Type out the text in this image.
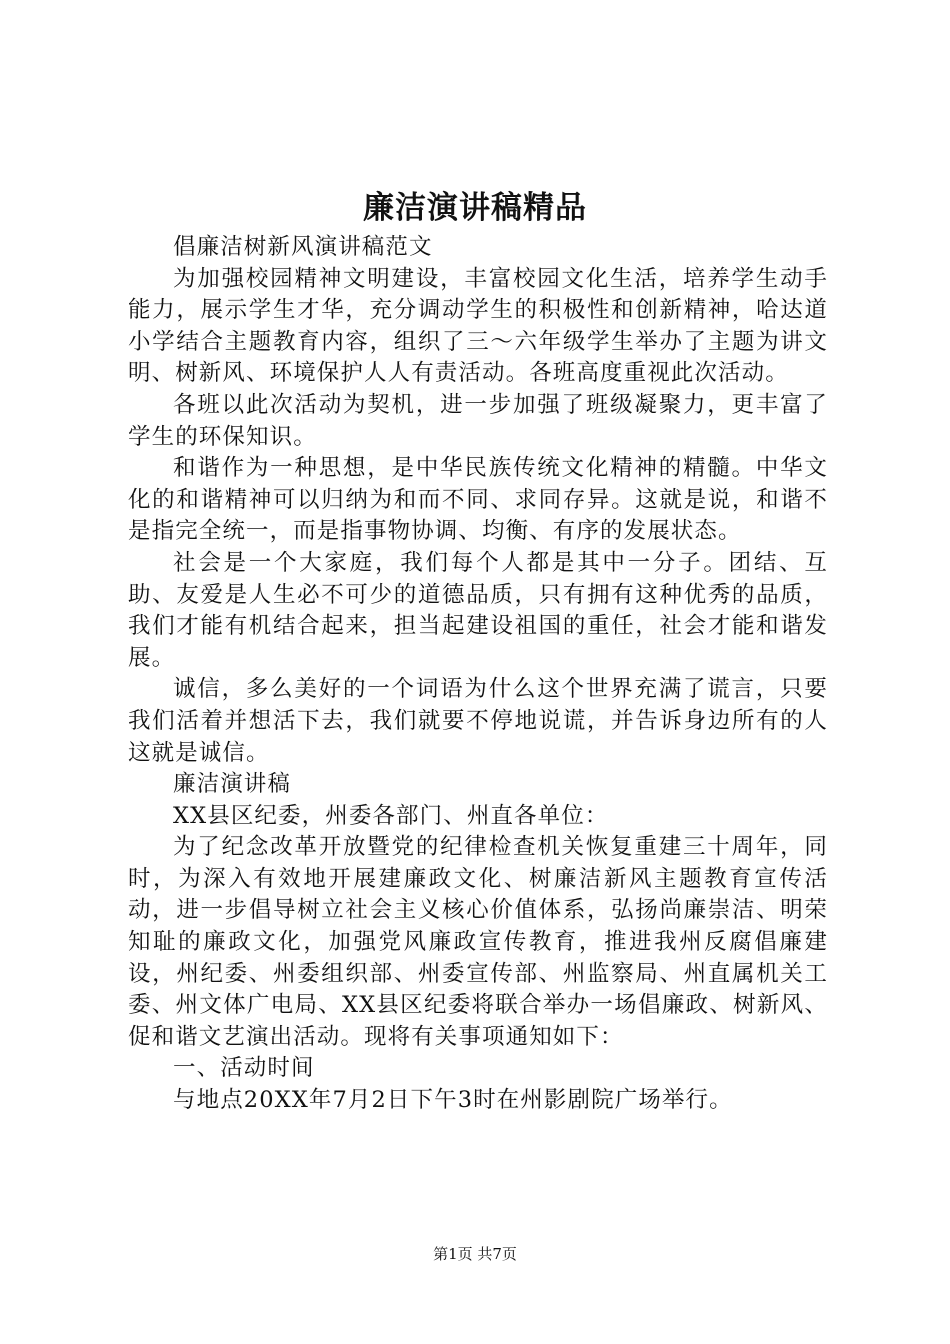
廉洁演讲稿精品

倡廉洁树新风演讲稿范文

为加强校园精神文明建设，丰富校园文化生活，培养学生动手能力，展示学生才华，充分调动学生的积极性和创新精神，哈达道小学结合主题教育内容，组织了三～六年级学生举办了主题为讲文明、树新风、环境保护人人有责活动。各班高度重视此次活动。

各班以此次活动为契机，进一步加强了班级凝聚力，更丰富了学生的环保知识。

和谐作为一种思想，是中华民族传统文化精神的精髓。中华文化的和谐精神可以归纳为和而不同、求同存异。这就是说，和谐不是指完全统一，而是指事物协调、均衡、有序的发展状态。

社会是一个大家庭，我们每个人都是其中一分子。团结、互助、友爱是人生必不可少的道德品质，只有拥有这种优秀的品质，我们才能有机结合起来，担当起建设祖国的重任，社会才能和谐发展。

诚信，多么美好的一个词语为什么这个世界充满了谎言，只要我们活着并想活下去，我们就要不停地说谎，并告诉身边所有的人这就是诚信。

廉洁演讲稿

XX县区纪委，州委各部门、州直各单位：

为了纪念改革开放暨党的纪律检查机关恢复重建三十周年，同时，为深入有效地开展建廉政文化、树廉洁新风主题教育宣传活动，进一步倡导树立社会主义核心价值体系，弘扬尚廉崇洁、明荣知耻的廉政文化，加强党风廉政宣传教育，推进我州反腐倡廉建设，州纪委、州委组织部、州委宣传部、州监察局、州直属机关工委、州文体广电局、XX县区纪委将联合举办一场倡廉政、树新风、促和谐文艺演出活动。现将有关事项通知如下：

一、活动时间

与地点20XX年7月2日下午3时在州影剧院广场举行。

第1页 共7页
